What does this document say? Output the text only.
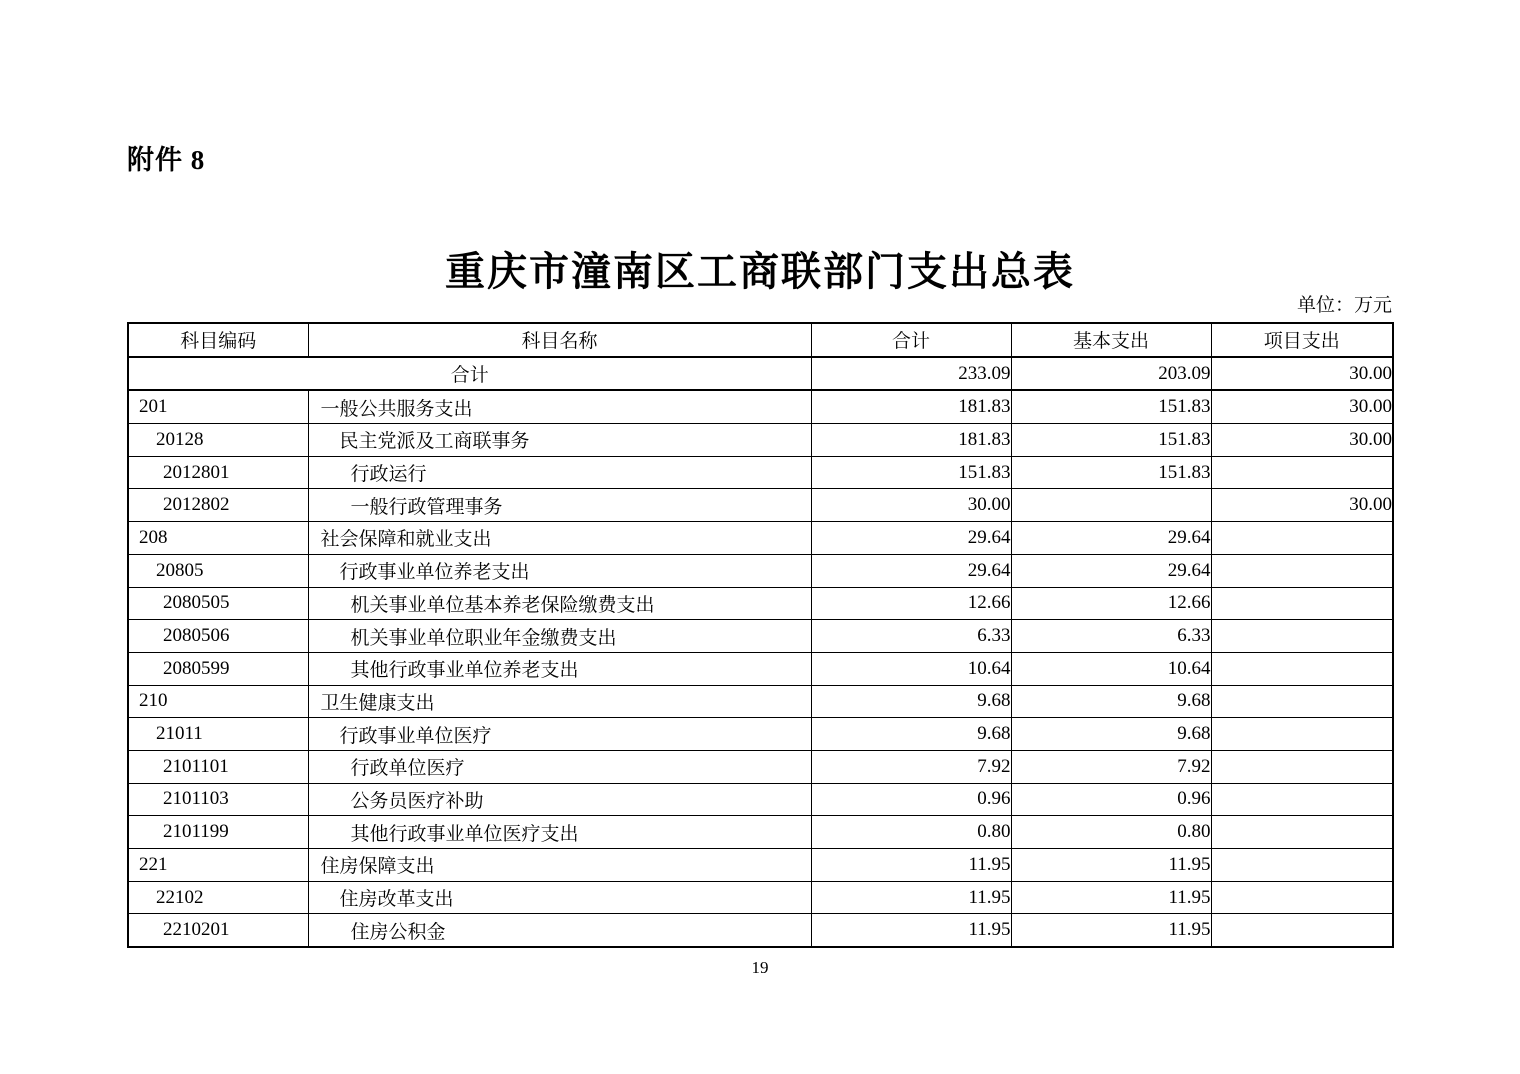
附件 8
重庆市潼南区工商联部门支出总表
单位：万元
科目编码	科目名称	合计	基本支出	项目支出
合计		233.09	203.09	30.00
201	一般公共服务支出	181.83	151.83	30.00
20128	民主党派及工商联事务	181.83	151.83	30.00
2012801	行政运行	151.83	151.83	
2012802	一般行政管理事务	30.00		30.00
208	社会保障和就业支出	29.64	29.64	
20805	行政事业单位养老支出	29.64	29.64	
2080505	机关事业单位基本养老保险缴费支出	12.66	12.66	
2080506	机关事业单位职业年金缴费支出	6.33	6.33	
2080599	其他行政事业单位养老支出	10.64	10.64	
210	卫生健康支出	9.68	9.68	
21011	行政事业单位医疗	9.68	9.68	
2101101	行政单位医疗	7.92	7.92	
2101103	公务员医疗补助	0.96	0.96	
2101199	其他行政事业单位医疗支出	0.80	0.80	
221	住房保障支出	11.95	11.95	
22102	住房改革支出	11.95	11.95	
2210201	住房公积金	11.95	11.95	
19
